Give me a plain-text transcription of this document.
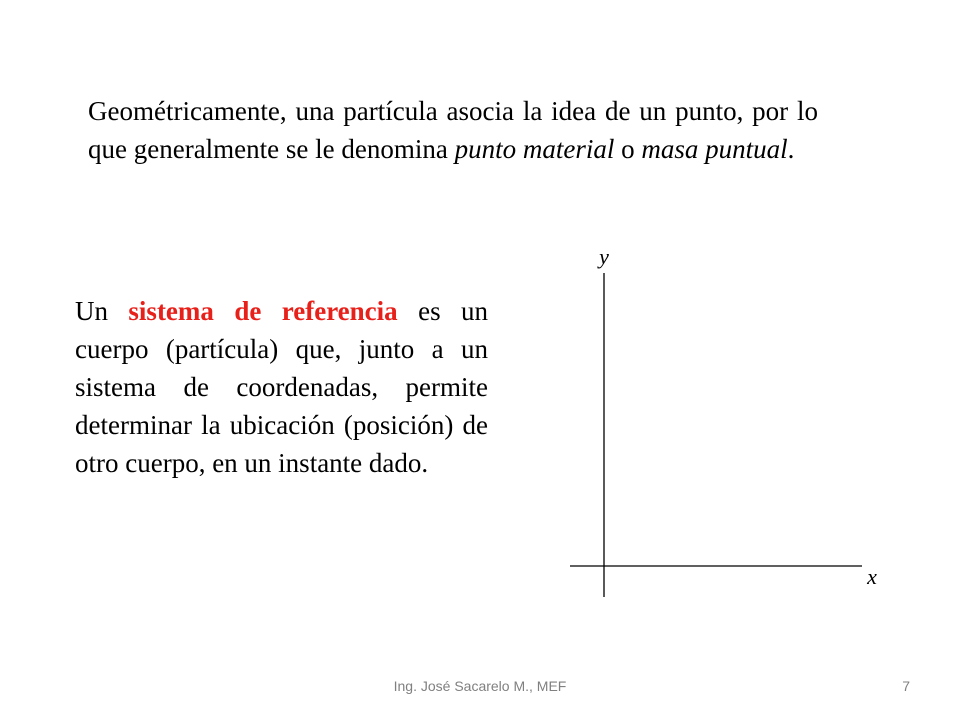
Geométricamente, una partícula asocia la idea de un punto, por lo que generalmente se le denomina punto material o masa puntual.

Un sistema de referencia es un cuerpo (partícula) que, junto a un sistema de coordenadas, permite determinar la ubicación (posición) de otro cuerpo, en un instante dado.

y
x
Ing. José Sacarelo M., MEF	7
